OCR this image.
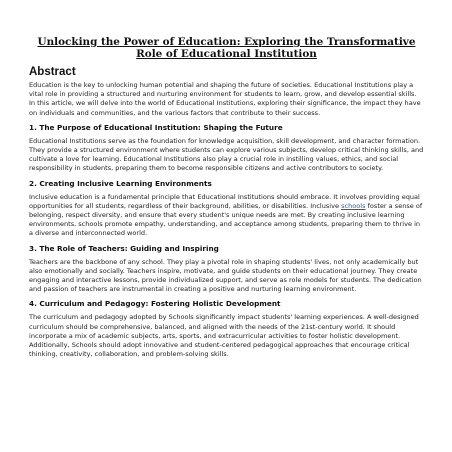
Unlocking the Power of Education: Exploring the Transformative
Role of Educational Institution

Abstract

Education is the key to unlocking human potential and shaping the future of societies. Educational Institutions play a vital role in providing a structured and nurturing environment for students to learn, grow, and develop essential skills. In this article, we will delve into the world of Educational Institutions, exploring their significance, the impact they have on individuals and communities, and the various factors that contribute to their success.

1. The Purpose of Educational Institution: Shaping the Future

Educational Institutions serve as the foundation for knowledge acquisition, skill development, and character formation. They provide a structured environment where students can explore various subjects, develop critical thinking skills, and cultivate a love for learning. Educational Institutions also play a crucial role in instilling values, ethics, and social responsibility in students, preparing them to become responsible citizens and active contributors to society.

2. Creating Inclusive Learning Environments

Inclusive education is a fundamental principle that Educational Institutions should embrace. It involves providing equal opportunities for all students, regardless of their background, abilities, or disabilities. Inclusive schools foster a sense of belonging, respect diversity, and ensure that every student's unique needs are met. By creating inclusive learning environments, schools promote empathy, understanding, and acceptance among students, preparing them to thrive in a diverse and interconnected world.

3. The Role of Teachers: Guiding and Inspiring

Teachers are the backbone of any school. They play a pivotal role in shaping students' lives, not only academically but also emotionally and socially. Teachers inspire, motivate, and guide students on their educational journey. They create engaging and interactive lessons, provide individualized support, and serve as role models for students. The dedication and passion of teachers are instrumental in creating a positive and nurturing learning environment.

4. Curriculum and Pedagogy: Fostering Holistic Development

The curriculum and pedagogy adopted by Schools significantly impact students' learning experiences. A well-designed curriculum should be comprehensive, balanced, and aligned with the needs of the 21st-century world. It should incorporate a mix of academic subjects, arts, sports, and extracurricular activities to foster holistic development. Additionally, Schools should adopt innovative and student-centered pedagogical approaches that encourage critical thinking, creativity, collaboration, and problem-solving skills.
